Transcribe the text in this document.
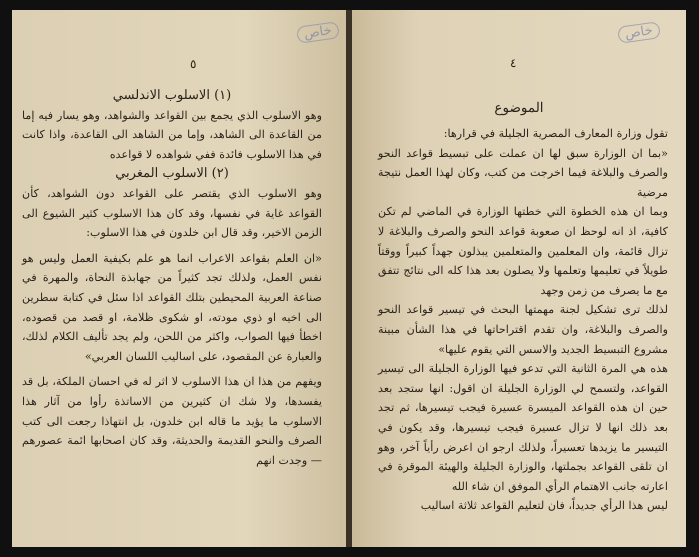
خاص
٥

(١) الاسلوب الاندلسي

وهو الاسلوب الذي يجمع بين القواعد والشواهد، وهو يسار فيه إما من القاعدة الى الشاهد، وإما من الشاهد الى القاعدة، واذا كانت في هذا الاسلوب فائدة ففي شواهده لا قواعده

(٢) الاسلوب المغربي

وهو الاسلوب الذي يقتصر على القواعد دون الشواهد، كأن القواعد غاية في نفسها، وقد كان هذا الاسلوب كثير الشيوع الى الزمن الاخير، وقد قال ابن خلدون في هذا الاسلوب:

«ان العلم بقواعد الاعراب انما هو علم بكيفية العمل وليس هو نفس العمل، ولذلك تجد كثيراً من جهابذة النحاة، والمهرة في صناعة العربية المحيطين بتلك القواعد اذا سئل في كتابة سطرين الى اخيه او ذوي مودته، او شكوى ظلامة، او قصد من قصوده، اخطأ فيها الصواب، واكثر من اللحن، ولم يجد تأليف الكلام لذلك، والعبارة عن المقصود، على اساليب اللسان العربي»

ويفهم من هذا ان هذا الاسلوب لا اثر له في احسان الملكة، بل قد يفسدها، ولا شك ان كثيرين من الاساتذة رأوا من آثار هذا الاسلوب ما يؤيد ما قاله ابن خلدون، بل انتهاذا رجعت الى كتب الصرف والنحو القديمة والحديثة، وقد كان اصحابها ائمة عصورهم — وجدت انهم

خاص
٤
الموضوع

تقول وزارة المعارف المصرية الجليلة في قرارها:

«بما ان الوزارة سبق لها ان عملت على تبسيط قواعد النحو والصرف والبلاغة فيما اخرجت من كتب، وكان لهذا العمل نتيجة مرضية

وبما ان هذه الخطوة التي خطتها الوزارة في الماضي لم تكن كافية، اذ انه لوحظ ان صعوبة قواعد النحو والصرف والبلاغة لا تزال قائمة، وان المعلمين والمتعلمين يبذلون جهداً كبيراً ووقتاً طويلاً في تعليمها وتعلمها ولا يصلون بعد هذا كله الى نتائج تتفق مع ما يصرف من زمن وجهد

لذلك ترى تشكيل لجنة مهمتها البحث في تيسير قواعد النحو والصرف والبلاغة، وان تقدم اقتراحاتها في هذا الشأن مبينة مشروع التبسيط الجديد والاسس التي يقوم عليها»

هذه هي المرة الثانية التي تدعو فيها الوزارة الجليلة الى تيسير القواعد، ولتسمح لي الوزارة الجليلة ان اقول: انها ستجد بعد حين ان هذه القواعد الميسرة عسيرة فيجب تيسيرها، ثم تجد بعد ذلك انها لا تزال عسيرة فيجب تيسيرها، وقد يكون في التيسير ما يزيدها تعسيراً، ولذلك ارجو ان اعرض رأياً آخر، وهو ان تلقى القواعد بجملتها، والوزارة الجليلة والهيئة الموقرة في اعارته جانب الاهتمام الرأي الموفق ان شاء الله

ليس هذا الرأي جديداً، فان لتعليم القواعد ثلاثة اساليب
